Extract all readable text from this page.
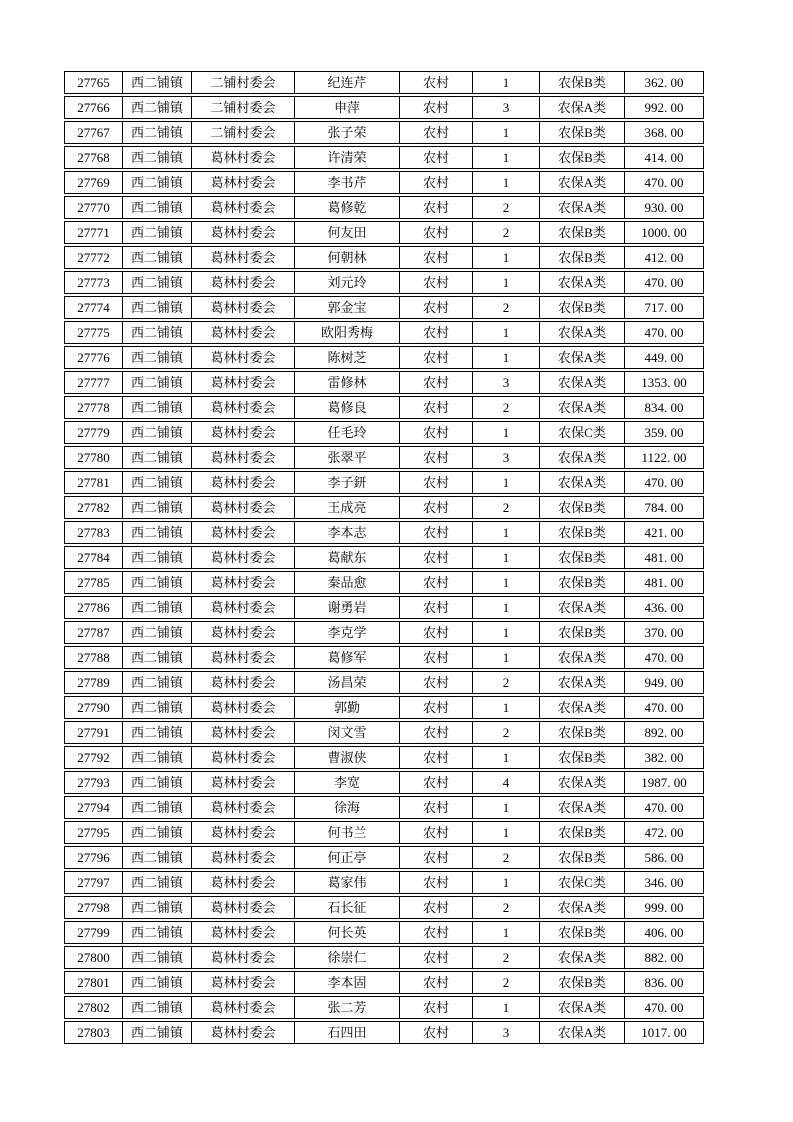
27765	西二铺镇	二铺村委会	纪连芹	农村	1	农保B类	362. 00
27766	西二铺镇	二铺村委会	申萍	农村	3	农保A类	992. 00
27767	西二铺镇	二铺村委会	张子荣	农村	1	农保B类	368. 00
27768	西二铺镇	葛林村委会	许清荣	农村	1	农保B类	414. 00
27769	西二铺镇	葛林村委会	李书芹	农村	1	农保A类	470. 00
27770	西二铺镇	葛林村委会	葛修乾	农村	2	农保A类	930. 00
27771	西二铺镇	葛林村委会	何友田	农村	2	农保B类	1000. 00
27772	西二铺镇	葛林村委会	何朝林	农村	1	农保B类	412. 00
27773	西二铺镇	葛林村委会	刘元玲	农村	1	农保A类	470. 00
27774	西二铺镇	葛林村委会	郭金宝	农村	2	农保B类	717. 00
27775	西二铺镇	葛林村委会	欧阳秀梅	农村	1	农保A类	470. 00
27776	西二铺镇	葛林村委会	陈树芝	农村	1	农保A类	449. 00
27777	西二铺镇	葛林村委会	雷修林	农村	3	农保A类	1353. 00
27778	西二铺镇	葛林村委会	葛修良	农村	2	农保A类	834. 00
27779	西二铺镇	葛林村委会	任毛玲	农村	1	农保C类	359. 00
27780	西二铺镇	葛林村委会	张翠平	农村	3	农保A类	1122. 00
27781	西二铺镇	葛林村委会	李子鈃	农村	1	农保A类	470. 00
27782	西二铺镇	葛林村委会	王成亮	农村	2	农保B类	784. 00
27783	西二铺镇	葛林村委会	李本志	农村	1	农保B类	421. 00
27784	西二铺镇	葛林村委会	葛献东	农村	1	农保B类	481. 00
27785	西二铺镇	葛林村委会	秦品愈	农村	1	农保B类	481. 00
27786	西二铺镇	葛林村委会	谢勇岩	农村	1	农保A类	436. 00
27787	西二铺镇	葛林村委会	李克学	农村	1	农保B类	370. 00
27788	西二铺镇	葛林村委会	葛修军	农村	1	农保A类	470. 00
27789	西二铺镇	葛林村委会	汤昌荣	农村	2	农保A类	949. 00
27790	西二铺镇	葛林村委会	郭勤	农村	1	农保A类	470. 00
27791	西二铺镇	葛林村委会	闵文雪	农村	2	农保B类	892. 00
27792	西二铺镇	葛林村委会	曹淑侠	农村	1	农保B类	382. 00
27793	西二铺镇	葛林村委会	李宽	农村	4	农保A类	1987. 00
27794	西二铺镇	葛林村委会	徐海	农村	1	农保A类	470. 00
27795	西二铺镇	葛林村委会	何书兰	农村	1	农保B类	472. 00
27796	西二铺镇	葛林村委会	何正亭	农村	2	农保B类	586. 00
27797	西二铺镇	葛林村委会	葛家伟	农村	1	农保C类	346. 00
27798	西二铺镇	葛林村委会	石长征	农村	2	农保A类	999. 00
27799	西二铺镇	葛林村委会	何长英	农村	1	农保B类	406. 00
27800	西二铺镇	葛林村委会	徐崇仁	农村	2	农保A类	882. 00
27801	西二铺镇	葛林村委会	李本固	农村	2	农保B类	836. 00
27802	西二铺镇	葛林村委会	张二芳	农村	1	农保A类	470. 00
27803	西二铺镇	葛林村委会	石四田	农村	3	农保A类	1017. 00
